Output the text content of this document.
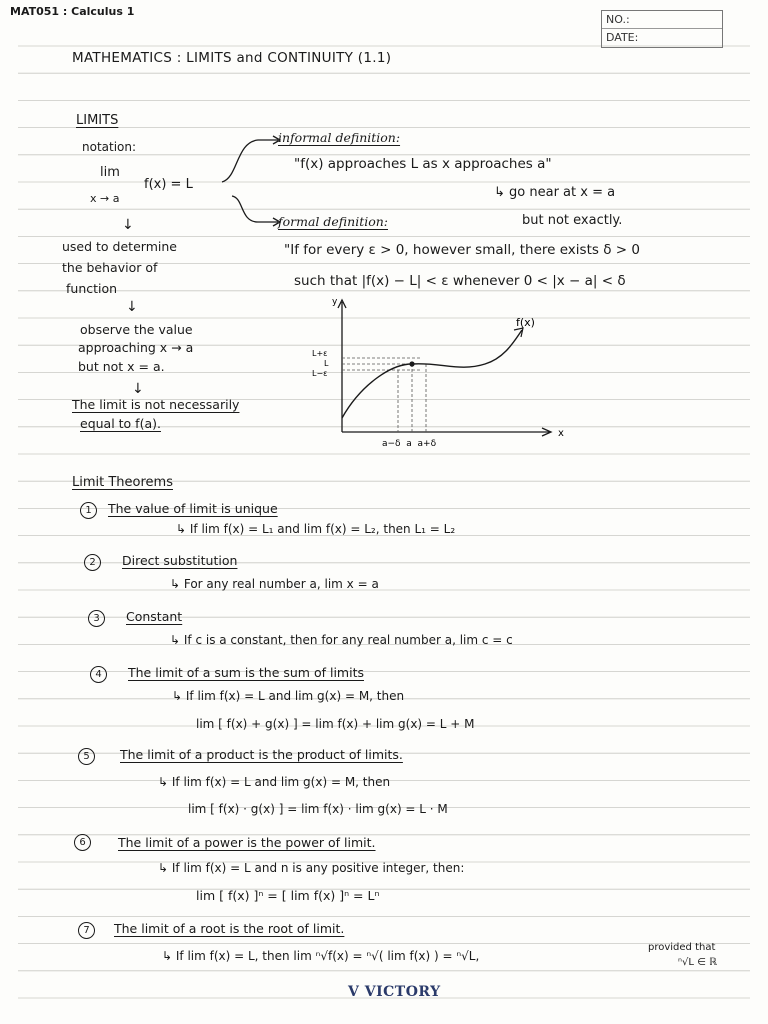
MAT051 : Calculus 1
NO.:
DATE:
MATHEMATICS : LIMITS and CONTINUITY (1.1)
LIMITS
notation:
lim
x → a
f(x) = L
informal definition:
"f(x) approaches L as x approaches a"
↳ go near at x = a
formal definition:	but not exactly.
"If for every ε > 0, however small, there exists δ > 0
such that |f(x) − L| < ε whenever 0 < |x − a| < δ
↓
used to determine
the behavior of
function
↓
observe the value
approaching x → a
but not x = a.
↓
The limit is not necessarily
equal to f(a).
y
x
f(x)
L+ε
L
L−ε
a−δ  a  a+δ
Limit Theorems
1	The value of limit is unique
↳ If lim f(x) = L₁ and lim f(x) = L₂, then L₁ = L₂
2	Direct substitution
↳ For any real number a, lim x = a
3	Constant
↳ If c is a constant, then for any real number a, lim c = c
4	The limit of a sum is the sum of limits
↳ If lim f(x) = L and lim g(x) = M, then
lim [ f(x) + g(x) ] = lim f(x) + lim g(x) = L + M
5	The limit of a product is the product of limits.
↳ If lim f(x) = L and lim g(x) = M, then
lim [ f(x) · g(x) ] = lim f(x) · lim g(x) = L · M
6	The limit of a power is the power of limit.
↳ If lim f(x) = L and n is any positive integer, then:
lim [ f(x) ]ⁿ = [ lim f(x) ]ⁿ = Lⁿ
7	The limit of a root is the root of limit.
↳ If lim f(x) = L, then lim ⁿ√f(x) = ⁿ√( lim f(x) ) = ⁿ√L,
provided that
ⁿ√L ∈ ℝ
V VICTORY
